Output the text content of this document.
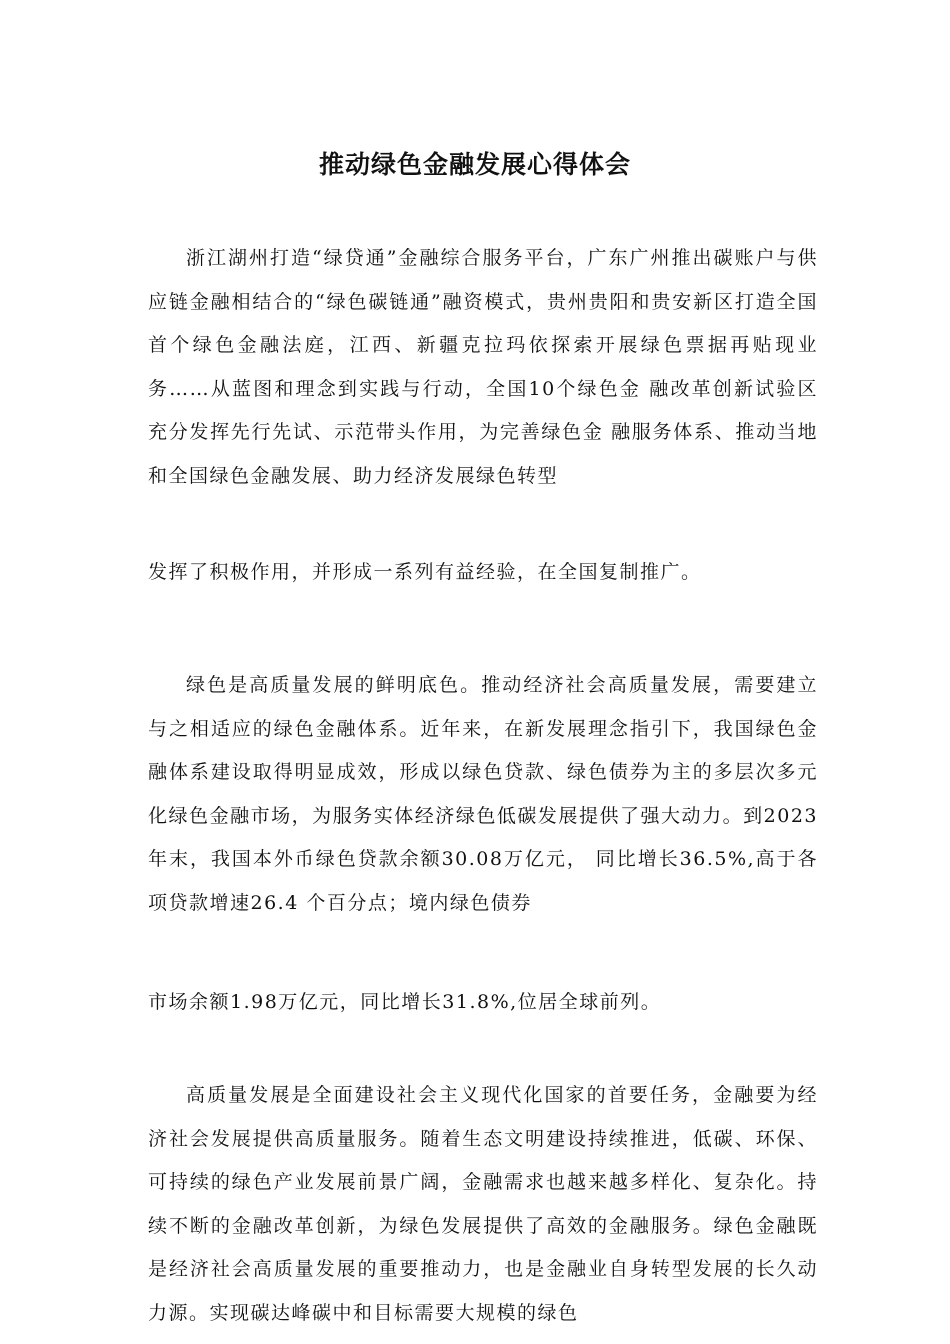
推动绿色金融发展心得体会

浙江湖州打造“绿贷通”金融综合服务平台，广东广州推出碳账户与供应链金融相结合的“绿色碳链通”融资模式，贵州贵阳和贵安新区打造全国首个绿色金融法庭，江西、新疆克拉玛依探索开展绿色票据再贴现业务……从蓝图和理念到实践与行动，全国10个绿色金 融改革创新试验区充分发挥先行先试、示范带头作用，为完善绿色金 融服务体系、推动当地和全国绿色金融发展、助力经济发展绿色转型

发挥了积极作用，并形成一系列有益经验，在全国复制推广。

绿色是高质量发展的鲜明底色。推动经济社会高质量发展，需要建立与之相适应的绿色金融体系。近年来，在新发展理念指引下，我国绿色金融体系建设取得明显成效，形成以绿色贷款、绿色债券为主的多层次多元化绿色金融市场，为服务实体经济绿色低碳发展提供了强大动力。到2023年末，我国本外币绿色贷款余额30.08万亿元， 同比增长36.5%,高于各项贷款增速26.4 个百分点；境内绿色债券

市场余额1.98万亿元，同比增长31.8%,位居全球前列。

高质量发展是全面建设社会主义现代化国家的首要任务，金融要为经济社会发展提供高质量服务。随着生态文明建设持续推进，低碳、环保、可持续的绿色产业发展前景广阔，金融需求也越来越多样化、复杂化。持续不断的金融改革创新，为绿色发展提供了高效的金融服务。绿色金融既是经济社会高质量发展的重要推动力，也是金融业自身转型发展的长久动力源。实现碳达峰碳中和目标需要大规模的绿色
